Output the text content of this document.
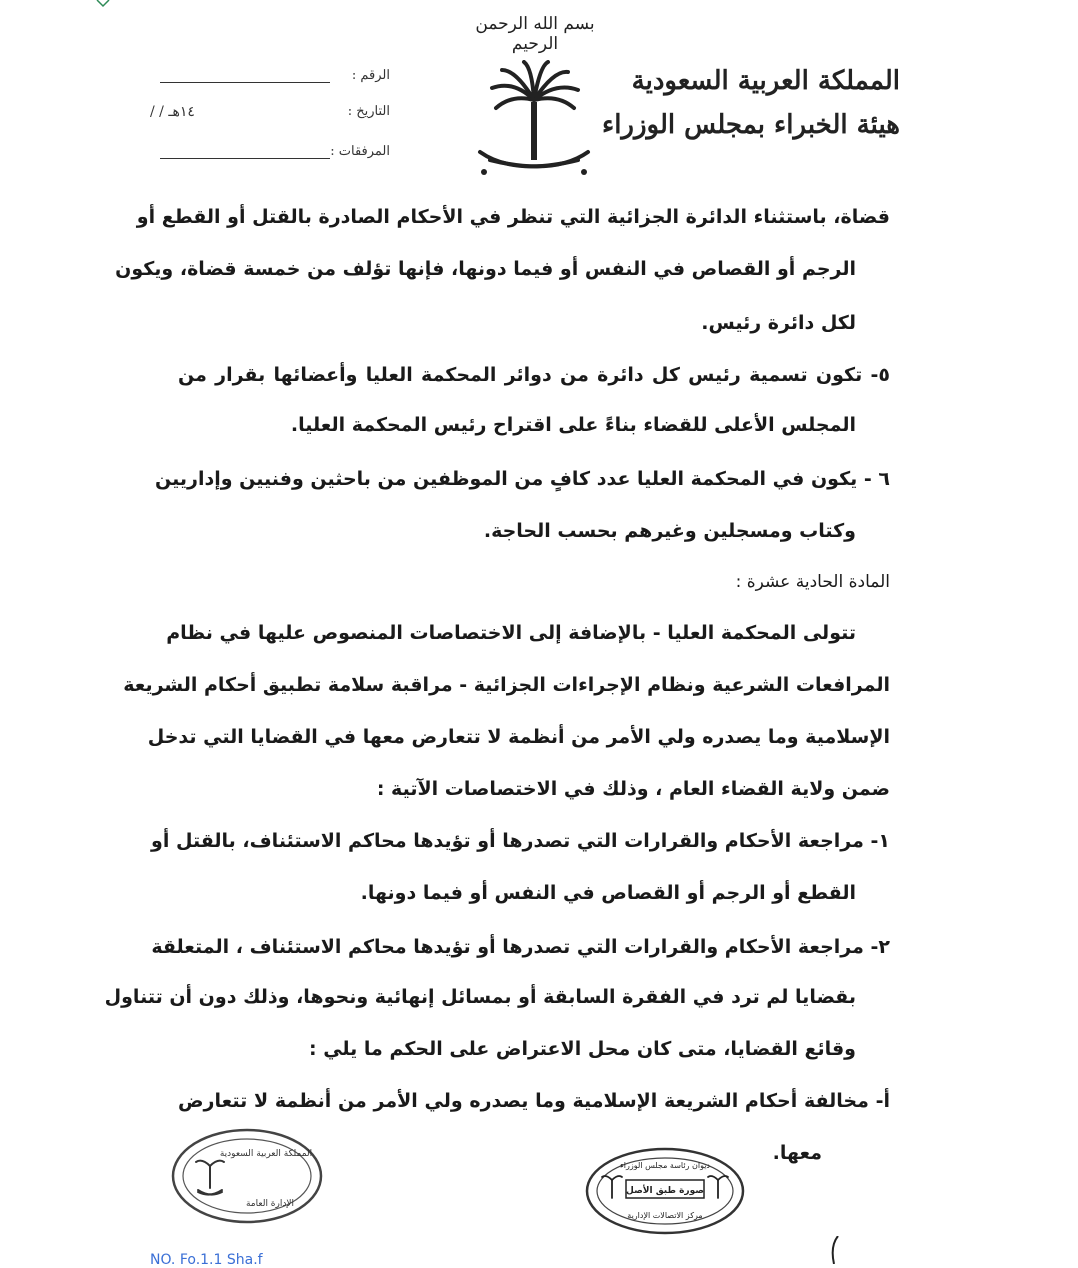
بسم الله الرحمن الرحيم
المملكة العربية السعودية
هيئة الخبراء بمجلس الوزراء
الرقم :
التاريخ :
/ / ١٤هـ
المرفقات :
قضاة، باستثناء الدائرة الجزائية التي تنظر في الأحكام الصادرة بالقتل أو القطع أو
الرجم أو القصاص في النفس أو فيما دونها، فإنها تؤلف من خمسة قضاة، ويكون
لكل دائرة رئيس.
٥- تكون تسمية رئيس كل دائرة من دوائر المحكمة العليا وأعضائها بقرار من
المجلس الأعلى للقضاء بناءً على اقتراح رئيس المحكمة العليا.
٦ - يكون في المحكمة العليا عدد كافٍ من الموظفين من باحثين وفنيين وإداريين
وكتاب ومسجلين وغيرهم بحسب الحاجة.
المادة الحادية عشرة :
تتولى المحكمة العليا - بالإضافة إلى الاختصاصات المنصوص عليها في نظام
المرافعات الشرعية ونظام الإجراءات الجزائية - مراقبة سلامة تطبيق أحكام الشريعة
الإسلامية وما يصدره ولي الأمر من أنظمة لا تتعارض معها في القضايا التي تدخل
ضمن ولاية القضاء العام ، وذلك في الاختصاصات الآتية :
١- مراجعة الأحكام والقرارات التي تصدرها أو تؤيدها محاكم الاستئناف، بالقتل أو
القطع أو الرجم أو القصاص في النفس أو فيما دونها.
٢- مراجعة الأحكام والقرارات التي تصدرها أو تؤيدها محاكم الاستئناف ، المتعلقة
بقضايا لم ترد في الفقرة السابقة أو بمسائل إنهائية ونحوها، وذلك دون أن تتناول
وقائع القضايا، متى كان محل الاعتراض على الحكم ما يلي :
أ- مخالفة أحكام الشريعة الإسلامية وما يصدره ولي الأمر من أنظمة لا تتعارض
معها.
المملكة العربية السعودية
الإدارة العامة
ديوان رئاسة مجلس الوزراء
صورة طبق الأصل
مركز الاتصالات الإدارية
NO. Fo.1.1 Sha.f
